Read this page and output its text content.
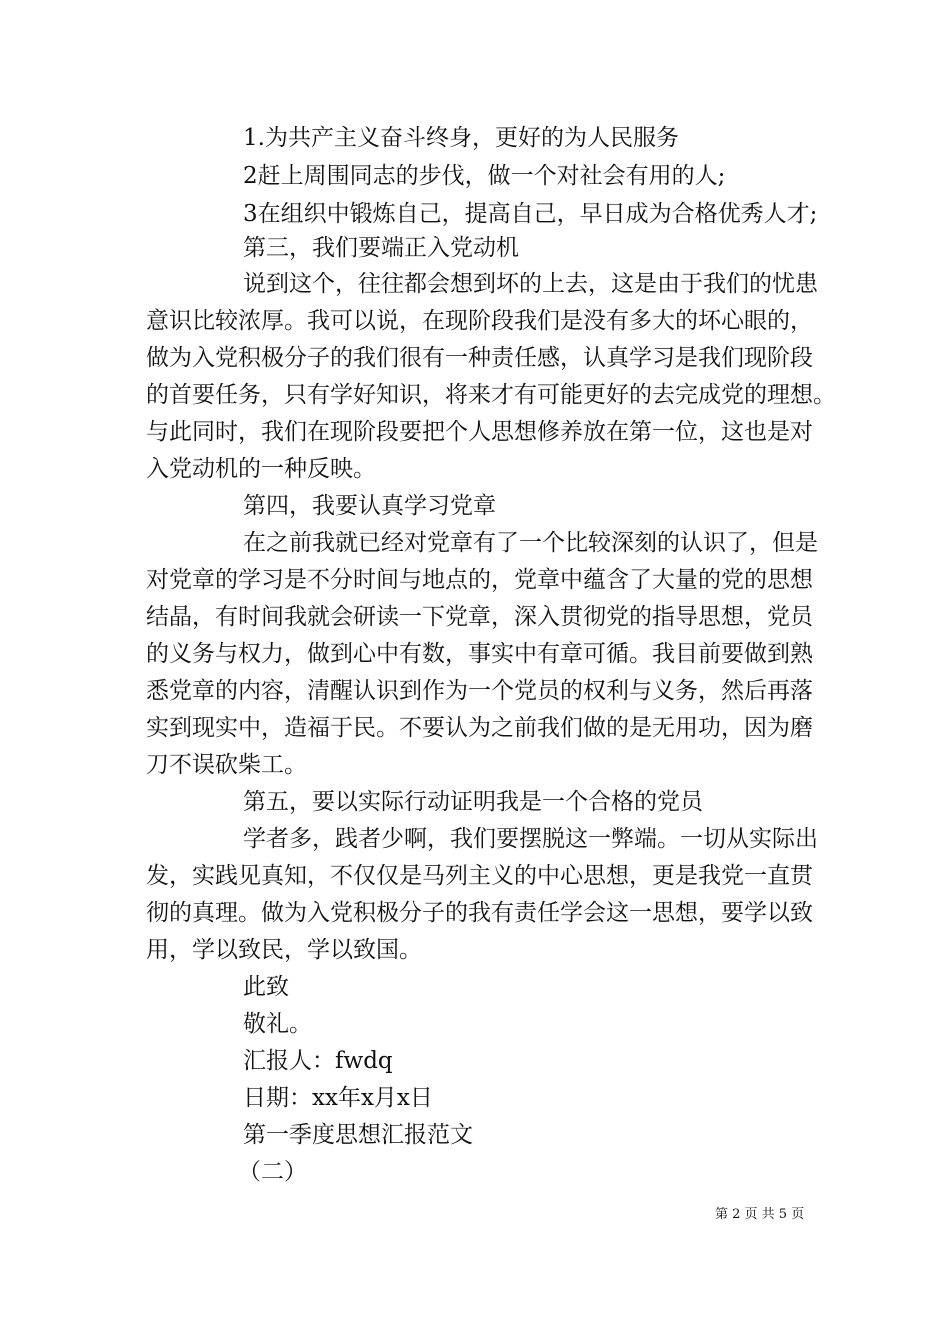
1.为共产主义奋斗终身，更好的为人民服务
2赶上周围同志的步伐，做一个对社会有用的人;
3在组织中锻炼自己，提高自己，早日成为合格优秀人才;
第三，我们要端正入党动机
说到这个，往往都会想到坏的上去，这是由于我们的忧患
意识比较浓厚。我可以说，在现阶段我们是没有多大的坏心眼的，
做为入党积极分子的我们很有一种责任感，认真学习是我们现阶段
的首要任务，只有学好知识，将来才有可能更好的去完成党的理想。
与此同时，我们在现阶段要把个人思想修养放在第一位，这也是对
入党动机的一种反映。
第四，我要认真学习党章
在之前我就已经对党章有了一个比较深刻的认识了，但是
对党章的学习是不分时间与地点的，党章中蕴含了大量的党的思想
结晶，有时间我就会研读一下党章，深入贯彻党的指导思想，党员
的义务与权力，做到心中有数，事实中有章可循。我目前要做到熟
悉党章的内容，清醒认识到作为一个党员的权利与义务，然后再落
实到现实中，造福于民。不要认为之前我们做的是无用功，因为磨
刀不误砍柴工。
第五，要以实际行动证明我是一个合格的党员
学者多，践者少啊，我们要摆脱这一弊端。一切从实际出
发，实践见真知，不仅仅是马列主义的中心思想，更是我党一直贯
彻的真理。做为入党积极分子的我有责任学会这一思想，要学以致
用，学以致民，学以致国。
此致
敬礼。
汇报人：fwdq
日期：xx年x月x日
第一季度思想汇报范文
（二）
第 2 页 共 5 页
